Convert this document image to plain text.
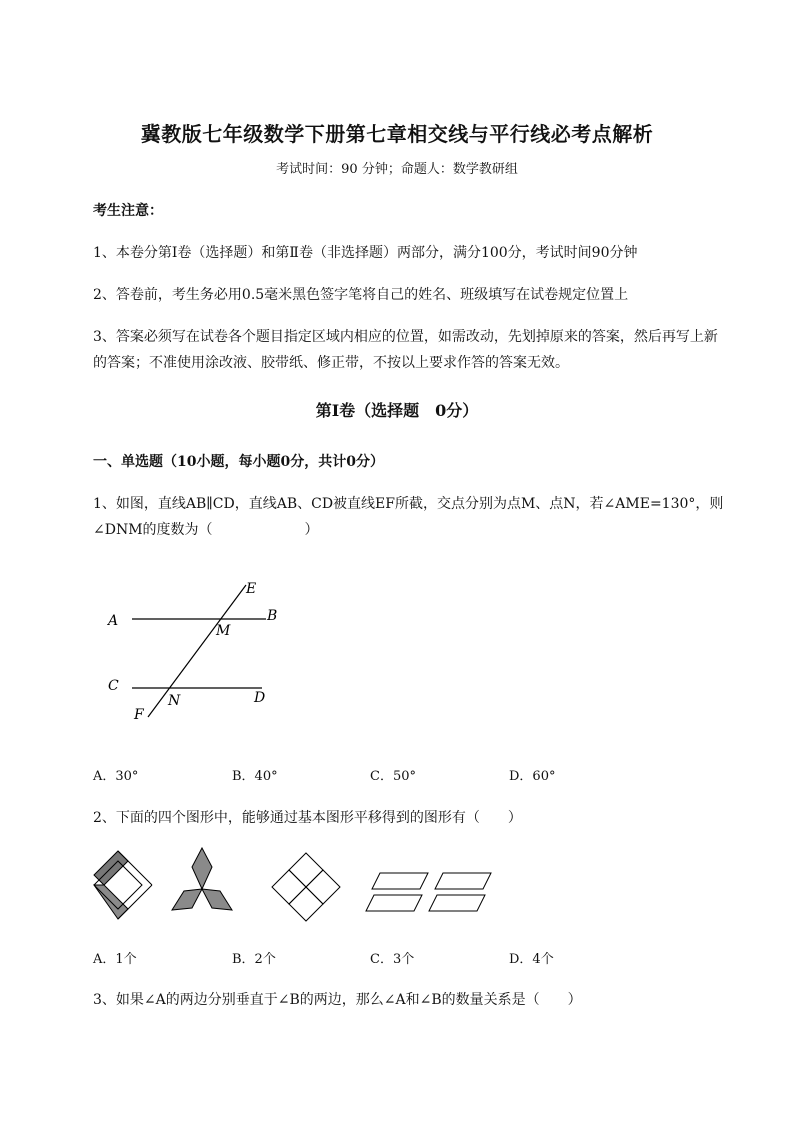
冀教版七年级数学下册第七章相交线与平行线必考点解析
考试时间：90 分钟；命题人：数学教研组
考生注意：
1、本卷分第Ⅰ卷（选择题）和第Ⅱ卷（非选择题）两部分，满分100分，考试时间90分钟
2、答卷前，考生务必用0.5毫米黑色签字笔将自己的姓名、班级填写在试卷规定位置上
3、答案必须写在试卷各个题目指定区域内相应的位置，如需改动，先划掉原来的答案，然后再写上新
的答案；不准使用涂改液、胶带纸、修正带，不按以上要求作答的答案无效。
第Ⅰ卷（选择题　0分）
一、单选题（10小题，每小题0分，共计0分）
1、如图，直线AB∥CD，直线AB、CD被直线EF所截，交点分别为点M、点N，若∠AME=130°，则
∠DNM的度数为（	）
A	B
C
D
E
F
M
N
A．30°	B．40°	C．50°	D．60°
2、下面的四个图形中，能够通过基本图形平移得到的图形有（　　）
A．1个	B．2个	C．3个	D．4个
3、如果∠A的两边分别垂直于∠B的两边，那么∠A和∠B的数量关系是（　　）
